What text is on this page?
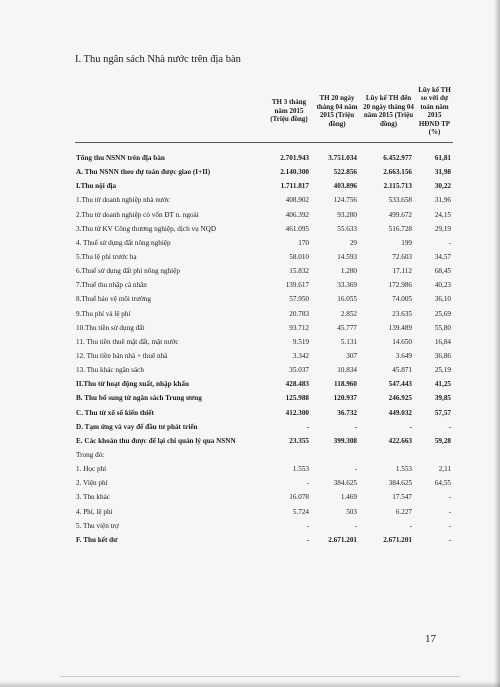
I. Thu ngân sách Nhà nước trên địa bàn
	TH 3 tháng năm 2015 (Triệu đồng)	TH 20 ngày tháng 04 năm 2015 (Triệu đồng)	Lũy kế TH đến 20 ngày tháng 04 năm 2015 (Triệu đồng)	Lũy kế TH so với dự toán năm 2015 HĐND TP (%)

Tổng thu NSNN trên địa bàn	2.701.943	3.751.034	6.452.977	61,81
A. Thu NSNN theo dự toán được giao (I+II)	2.140.300	522.856	2.663.156	31,98
I.Thu nội địa	1.711.817	403.896	2.115.713	30,22
1.Thu từ doanh nghiệp nhà nước	408.902	124.756	533.658	31,96
2.Thu từ doanh nghiệp có vốn ĐT n. ngoài	406.392	93.280	499.672	24,15
3.Thu từ KV Công thương nghiệp, dịch vụ NQD	461.095	55.633	516.728	29,19
4. Thuế sử dụng đất nông nghiệp	170	29	199	-
5.Thu lệ phí trước bạ	58.010	14.593	72.603	34,57
6.Thuế sử dụng đất phi nông nghiệp	15.832	1.280	17.112	68,45
7.Thuế thu nhập cá nhân	139.617	33.369	172.986	40,23
8.Thuế bảo vệ môi trường	57.950	16.055	74.005	36,10
9.Thu phí và lệ phí	20.783	2.852	23.635	25,69
10.Thu tiền sử dụng đất	93.712	45.777	139.489	55,80
11. Thu tiền thuê mặt đất, mặt nước	9.519	5.131	14.650	16,84
12. Thu tiền bán nhà + thuê nhà	3.342	307	3.649	36,86
13. Thu khác ngân sách	35.037	10.834	45.871	25,19
II.Thu từ hoạt động xuất, nhập khẩu	428.483	118.960	547.443	41,25
B. Thu bổ sung từ ngân sách Trung ương	125.988	120.937	246.925	39,85
C. Thu từ xổ số kiến thiết	412.300	36.732	449.032	57,57
D. Tạm ứng và vay để đầu tư phát triển	-	-	-	-
E. Các khoản thu được để lại chi quản lý qua NSNN	23.355	399.308	422.663	59,28
Trong đó:				
1. Học phí	1.553	-	1.553	2,11
2. Viện phí	-	384.625	384.625	64,55
3. Thu khác	16.078	1.469	17.547	-
4. Phí, lệ phí	5.724	503	6.227	-
5. Thu viện trợ	-	-	-	-
F. Thu kết dư	-	2.671.201	2.671.201	-
17
